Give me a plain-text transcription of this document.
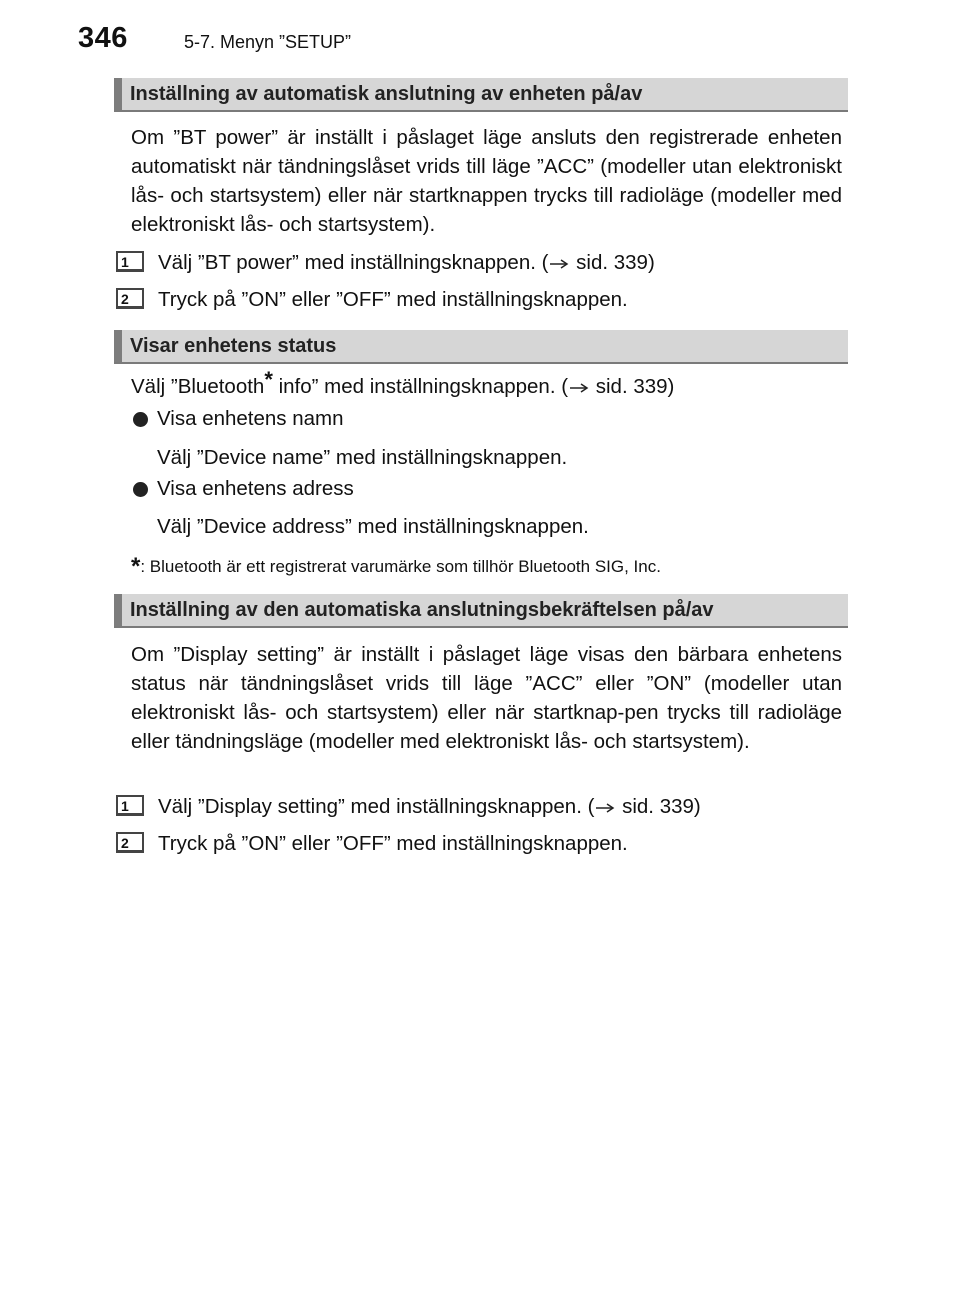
346	5-7. Menyn ”SETUP”
Inställning av automatisk anslutning av enheten på/av

Om ”BT power” är inställt i påslaget läge ansluts den registrerade enheten automatiskt när tändningslåset vrids till läge ”ACC” (modeller utan elektroniskt lås- och startsystem) eller när startknappen trycks till radioläge (modeller med elektroniskt lås- och startsystem).

1	Välj ”BT power” med inställningsknappen. ( sid. 339)
2	Tryck på ”ON” eller ”OFF” med inställningsknappen.
Visar enhetens status
Välj ”Bluetooth* info” med inställningsknappen. ( sid. 339)
Visa enhetens namn
Välj ”Device name” med inställningsknappen.
Visa enhetens adress
Välj ”Device address” med inställningsknappen.
*: Bluetooth är ett registrerat varumärke som tillhör Bluetooth SIG, Inc.
Inställning av den automatiska anslutningsbekräftelsen på/av

Om ”Display setting” är inställt i påslaget läge visas den bärbara enhetens status när tändningslåset vrids till läge ”ACC” eller ”ON” (modeller utan elektroniskt lås- och startsystem) eller när startknap-pen trycks till radioläge eller tändningsläge (modeller med elektroniskt lås- och startsystem).

1	Välj ”Display setting” med inställningsknappen. ( sid. 339)
2	Tryck på ”ON” eller ”OFF” med inställningsknappen.
